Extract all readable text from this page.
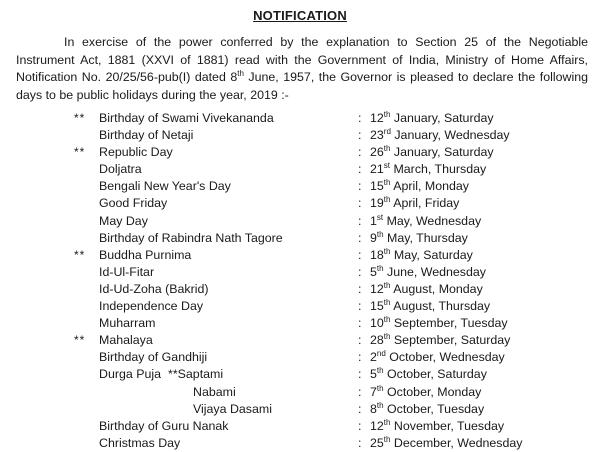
NOTIFICATION

In exercise of the power conferred by the explanation to Section 25 of the Negotiable Instrument Act, 1881 (XXVI of 1881) read with the Government of India, Ministry of Home Affairs, Notification No. 20/25/56-pub(I) dated 8th June, 1957, the Governor is pleased to declare the following days to be public holidays during the year, 2019 :-

** Birthday of Swami Vivekananda	: 12th January, Saturday
Birthday of Netaji	: 23rd January, Wednesday
** Republic Day	: 26th January, Saturday
Doljatra	: 21st March, Thursday
Bengali New Year's Day	: 15th April, Monday
Good Friday	: 19th April, Friday
May Day	: 1st May, Wednesday
Birthday of Rabindra Nath Tagore	: 9th May, Thursday
** Buddha Purnima	: 18th May, Saturday
Id-Ul-Fitar	: 5th June, Wednesday
Id-Ud-Zoha (Bakrid)	: 12th August, Monday
Independence Day	: 15th August, Thursday
Muharram	: 10th September, Tuesday
** Mahalaya	: 28th September, Saturday
Birthday of Gandhiji	: 2nd October, Wednesday
Durga Puja **Saptami	: 5th October, Saturday
Nabami	: 7th October, Monday
Vijaya Dasami	: 8th October, Tuesday
Birthday of Guru Nanak	: 12th November, Tuesday
Christmas Day	: 25th December, Wednesday
